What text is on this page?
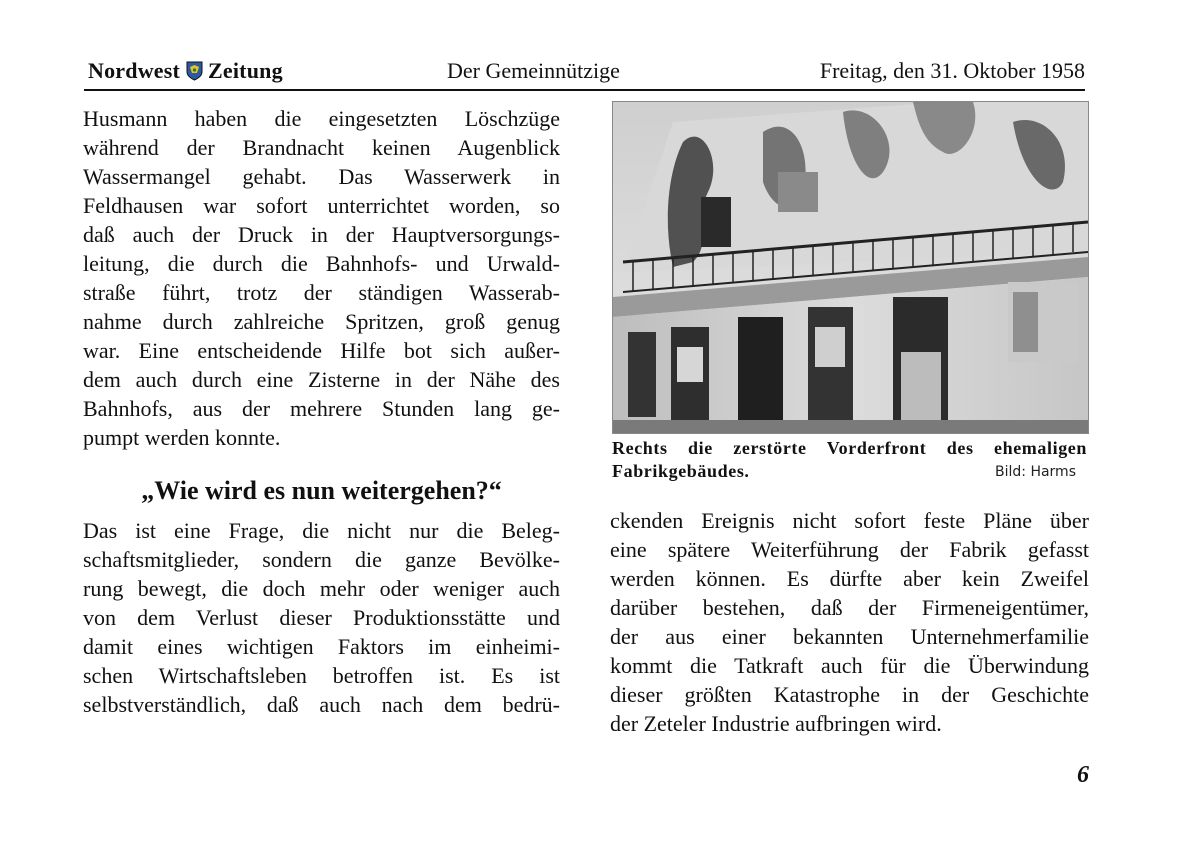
Nordwest Zeitung	Der Gemeinnützige	Freitag, den 31. Oktober 1958
Husmann haben die eingesetzten Löschzüge
während der Brandnacht keinen Augenblick
Wassermangel gehabt. Das Wasserwerk in
Feldhausen war sofort unterrichtet worden, so
daß auch der Druck in der Hauptversorgungs-
leitung, die durch die Bahnhofs- und Urwald-
straße führt, trotz der ständigen Wasserab-
nahme durch zahlreiche Spritzen, groß genug
war. Eine entscheidende Hilfe bot sich außer-
dem auch durch eine Zisterne in der Nähe des
Bahnhofs, aus der mehrere Stunden lang ge-
pumpt werden konnte.
„Wie wird es nun weitergehen?“
Das ist eine Frage, die nicht nur die Beleg-
schaftsmitglieder, sondern die ganze Bevölke-
rung bewegt, die doch mehr oder weniger auch
von dem Verlust dieser Produktionsstätte und
damit eines wichtigen Faktors im einheimi-
schen Wirtschaftsleben betroffen ist. Es ist
selbstverständlich, daß auch nach dem bedrü-
Rechts die zerstörte Vorderfront des ehemaligen
Fabrikgebäudes.	Bild: Harms
ckenden Ereignis nicht sofort feste Pläne über
eine spätere Weiterführung der Fabrik gefasst
werden können. Es dürfte aber kein Zweifel
darüber bestehen, daß der Firmeneigentümer,
der aus einer bekannten Unternehmerfamilie
kommt die Tatkraft auch für die Überwindung
dieser größten Katastrophe in der Geschichte
der Zeteler Industrie aufbringen wird.
6
